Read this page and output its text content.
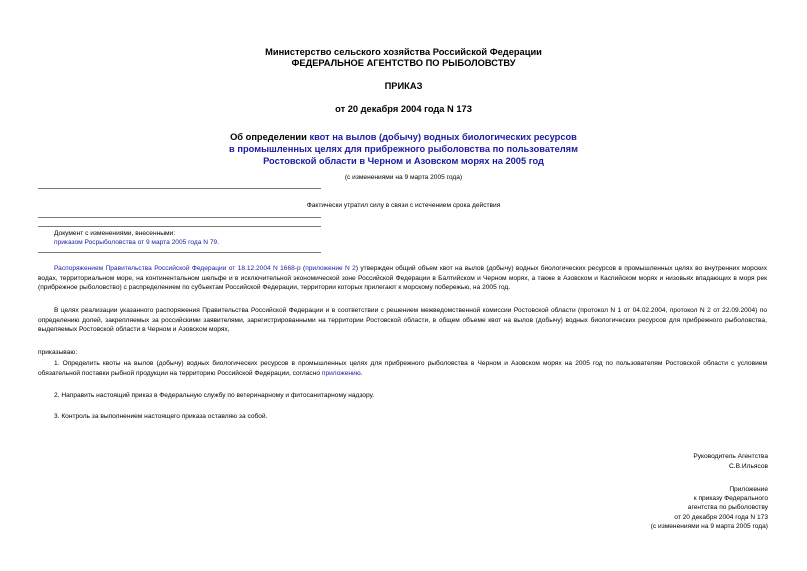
Министерство сельского хозяйства Российской Федерации
ФЕДЕРАЛЬНОЕ АГЕНТСТВО ПО РЫБОЛОВСТВУ
ПРИКАЗ
от 20 декабря 2004 года N 173
Об определении квот на вылов (добычу) водных биологических ресурсов
в промышленных целях для прибрежного рыболовства по пользователям
Ростовской области в Черном и Азовском морях на 2005 год
(с изменениями на 9 марта 2005 года)
Фактически утратил силу в связи с истечением срока действия
Документ с изменениями, внесенными:
приказом Росрыболовства от 9 марта 2005 года N 79.
Распоряжением Правительства Российской Федерации от 18.12.2004 N 1668-р (приложение N 2) утвержден общий объем квот на вылов (добычу) водных биологических ресурсов в промышленных целях во внутренних морских водах, территориальном море, на континентальном шельфе и в исключительной экономической зоне Российской Федерации в Балтийском и Черном морях, а также в Азовском и Каспийском морях и низовьях впадающих в моря рек (прибрежное рыболовство) с распределением по субъектам Российской Федерации, территории которых прилегают к морскому побережью, на 2005 год.
В целях реализации указанного распоряжения Правительства Российской Федерации и в соответствии с решением межведомственной комиссии Ростовской области (протокол N 1 от 04.02.2004, протокол N 2 от 22.09.2004) по определению долей, закрепляемых за российскими заявителями, зарегистрированными на территории Ростовской области, в общем объеме квот на вылов (добычу) водных биологических ресурсов для прибрежного рыболовства, выделяемых Ростовской области в Черном и Азовском морях,
приказываю:
1. Определить квоты на вылов (добычу) водных биологических ресурсов в промышленных целях для прибрежного рыболовства в Черном и Азовском морях на 2005 год по пользователям Ростовской области с условием обязательной поставки рыбной продукции на территорию Российской Федерации, согласно приложению.
2. Направить настоящий приказ в Федеральную службу по ветеринарному и фитосанитарному надзору.
3. Контроль за выполнением настоящего приказа оставляю за собой.
Руководитель Агентства
С.В.Ильясов
Приложение
к приказу Федерального
агентства по рыболовству
от 20 декабря 2004 года N 173
(с изменениями на 9 марта 2005 года)
